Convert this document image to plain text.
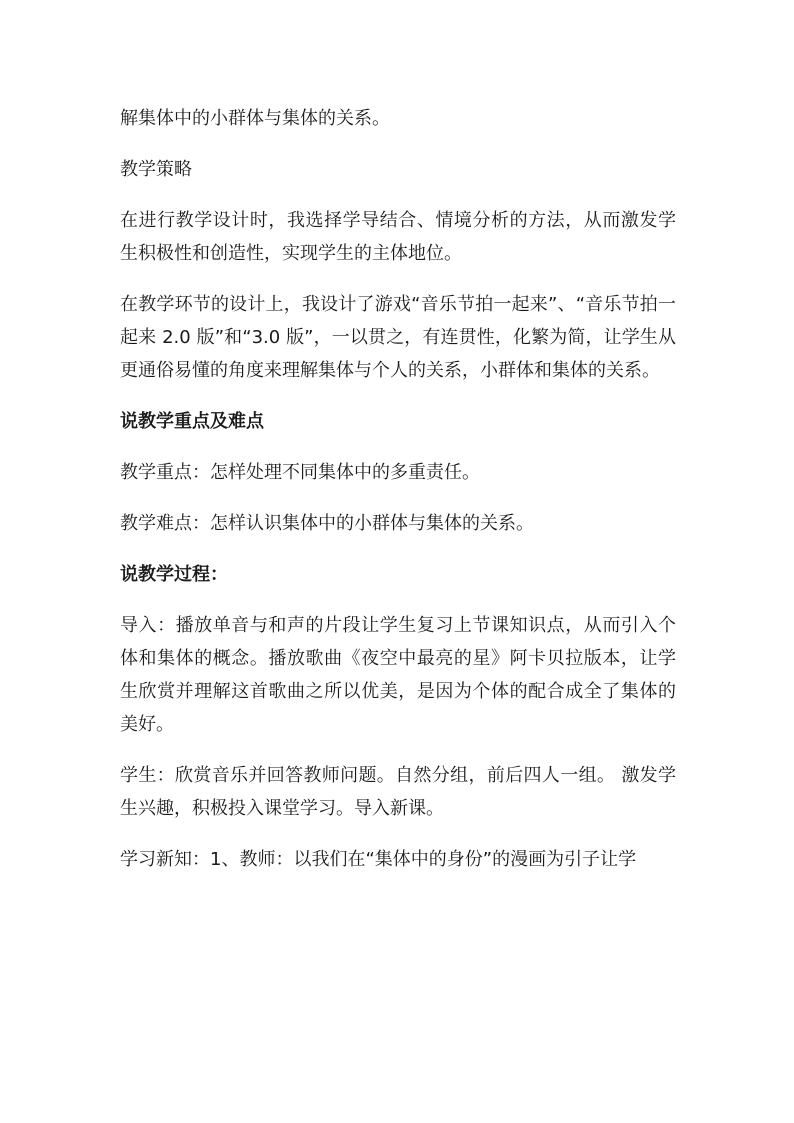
解集体中的小群体与集体的关系。

教学策略

在进行教学设计时，我选择学导结合、情境分析的方法，从而激发学生积极性和创造性，实现学生的主体地位。

在教学环节的设计上，我设计了游戏“音乐节拍一起来”、“音乐节拍一起来 2.0 版”和“3.0 版”，一以贯之，有连贯性，化繁为简，让学生从更通俗易懂的角度来理解集体与个人的关系，小群体和集体的关系。

说教学重点及难点

教学重点：怎样处理不同集体中的多重责任。

教学难点：怎样认识集体中的小群体与集体的关系。

说教学过程：

导入：播放单音与和声的片段让学生复习上节课知识点，从而引入个体和集体的概念。播放歌曲《夜空中最亮的星》阿卡贝拉版本，让学生欣赏并理解这首歌曲之所以优美，是因为个体的配合成全了集体的美好。

学生：欣赏音乐并回答教师问题。自然分组，前后四人一组。 激发学生兴趣，积极投入课堂学习。导入新课。

学习新知：1、教师：以我们在“集体中的身份”的漫画为引子让学
